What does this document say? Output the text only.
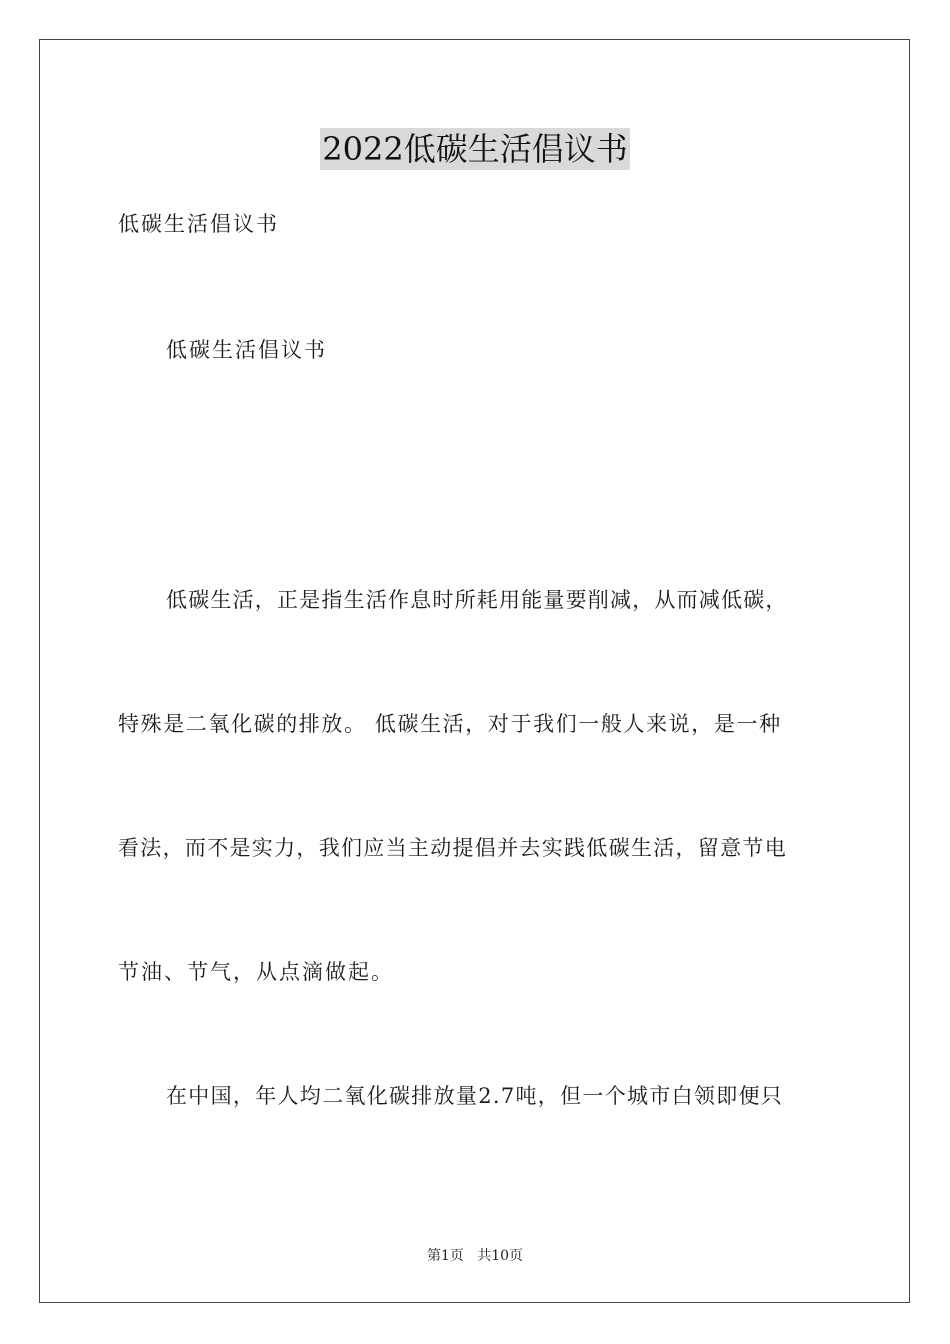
2022低碳生活倡议书
低碳生活倡议书
低碳生活倡议书
低碳生活，正是指生活作息时所耗用能量要削减，从而减低碳，
特殊是二氧化碳的排放。 低碳生活，对于我们一般人来说，是一种
看法，而不是实力，我们应当主动提倡并去实践低碳生活，留意节电
节油、节气，从点滴做起。
在中国，年人均二氧化碳排放量2.7吨，但一个城市白领即便只
第1页 共10页
